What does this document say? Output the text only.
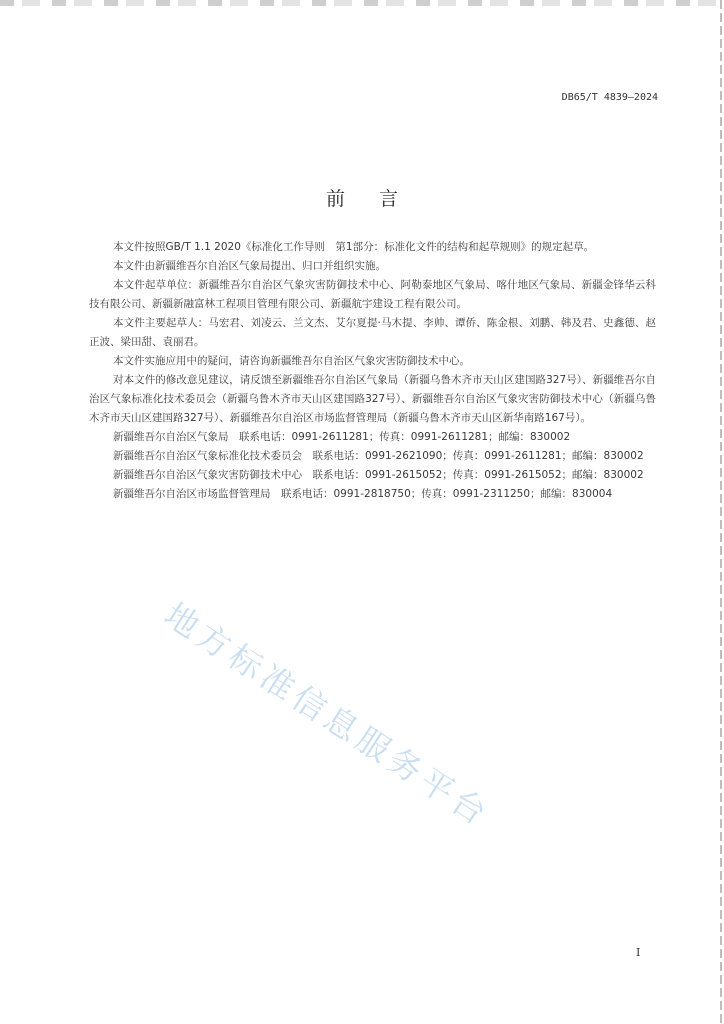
DB65/T 4839—2024
前言

本文件按照GB/T 1.1 2020《标准化工作导则　第1部分：标准化文件的结构和起草规则》的规定起草。

本文件由新疆维吾尔自治区气象局提出、归口并组织实施。

本文件起草单位：新疆维吾尔自治区气象灾害防御技术中心、阿勒泰地区气象局、喀什地区气象局、新疆金锋华云科技有限公司、新疆新融富林工程项目管理有限公司、新疆航宇建设工程有限公司。

本文件主要起草人：马宏君、刘凌云、兰文杰、艾尔夏提·马木提、李帅、谭侨、陈金根、刘鹏、韩及君、史鑫德、赵正波、梁田甜、袁丽君。

本文件实施应用中的疑问，请咨询新疆维吾尔自治区气象灾害防御技术中心。

对本文件的修改意见建议，请反馈至新疆维吾尔自治区气象局（新疆乌鲁木齐市天山区建国路327号）、新疆维吾尔自治区气象标准化技术委员会（新疆乌鲁木齐市天山区建国路327号）、新疆维吾尔自治区气象灾害防御技术中心（新疆乌鲁木齐市天山区建国路327号）、新疆维吾尔自治区市场监督管理局（新疆乌鲁木齐市天山区新华南路167号）。

新疆维吾尔自治区气象局　联系电话：0991-2611281；传真：0991-2611281；邮编：830002

新疆维吾尔自治区气象标准化技术委员会　联系电话：0991-2621090；传真：0991-2611281；邮编：830002

新疆维吾尔自治区气象灾害防御技术中心　联系电话：0991-2615052；传真：0991-2615052；邮编：830002

新疆维吾尔自治区市场监督管理局　联系电话：0991-2818750；传真：0991-2311250；邮编：830004

地方标准信息服务平台
I
